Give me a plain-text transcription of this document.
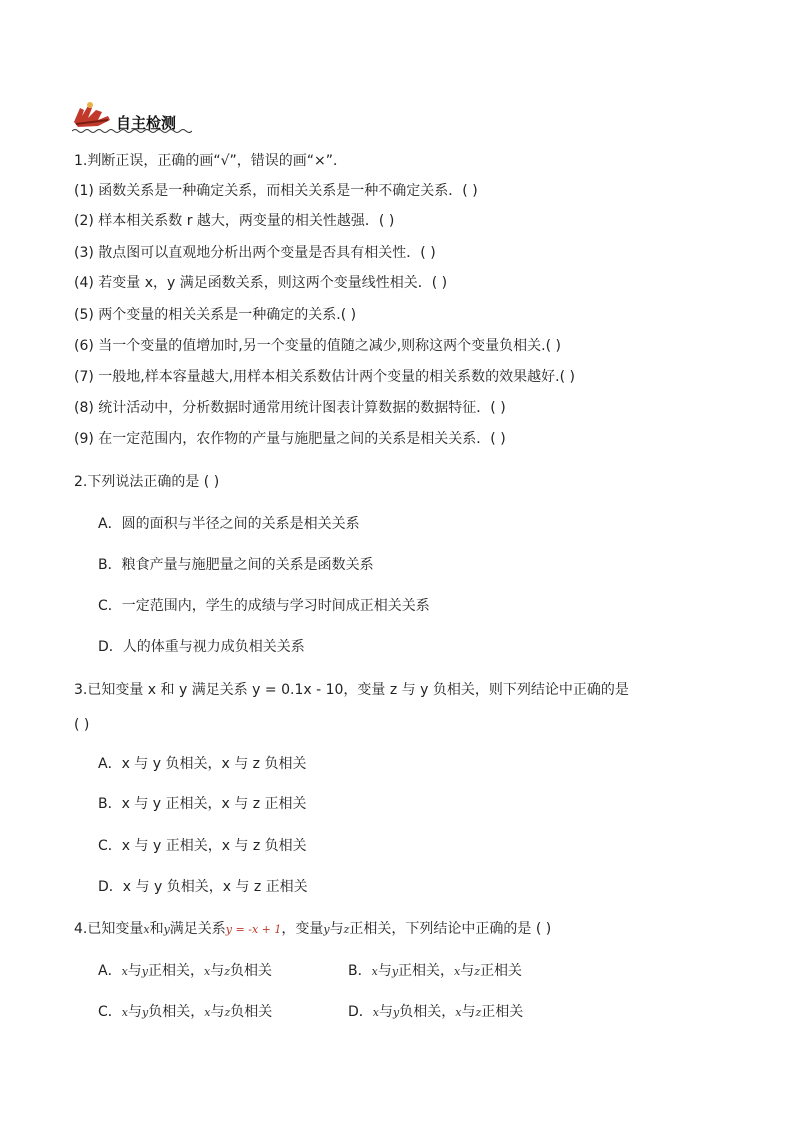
自主检测
1.判断正误，正确的画“√”，错误的画“×”．
(1) 函数关系是一种确定关系，而相关关系是一种不确定关系．( )
(2) 样本相关系数 r 越大，两变量的相关性越强．( )
(3) 散点图可以直观地分析出两个变量是否具有相关性．( )
(4) 若变量 x，y 满足函数关系，则这两个变量线性相关．( )
(5) 两个变量的相关关系是一种确定的关系.( )
(6) 当一个变量的值增加时,另一个变量的值随之减少,则称这两个变量负相关.( )
(7) 一般地,样本容量越大,用样本相关系数估计两个变量的相关系数的效果越好.( )
(8) 统计活动中，分析数据时通常用统计图表计算数据的数据特征．( )
(9) 在一定范围内，农作物的产量与施肥量之间的关系是相关关系．( )
2.下列说法正确的是 ( )
A．圆的面积与半径之间的关系是相关关系
B．粮食产量与施肥量之间的关系是函数关系
C．一定范围内，学生的成绩与学习时间成正相关关系
D．人的体重与视力成负相关关系
3.已知变量 x 和 y 满足关系 y = 0.1x - 10，变量 z 与 y 负相关，则下列结论中正确的是
( )
A．x 与 y 负相关，x 与 z 负相关
B．x 与 y 正相关，x 与 z 正相关
C．x 与 y 正相关，x 与 z 负相关
D．x 与 y 负相关，x 与 z 正相关
4.已知变量x和y满足关系y = -x + 1，变量y与z正相关，下列结论中正确的是 ( )
A．x与y正相关，x与z负相关	B．x与y正相关，x与z正相关
C．x与y负相关，x与z负相关	D．x与y负相关，x与z正相关
